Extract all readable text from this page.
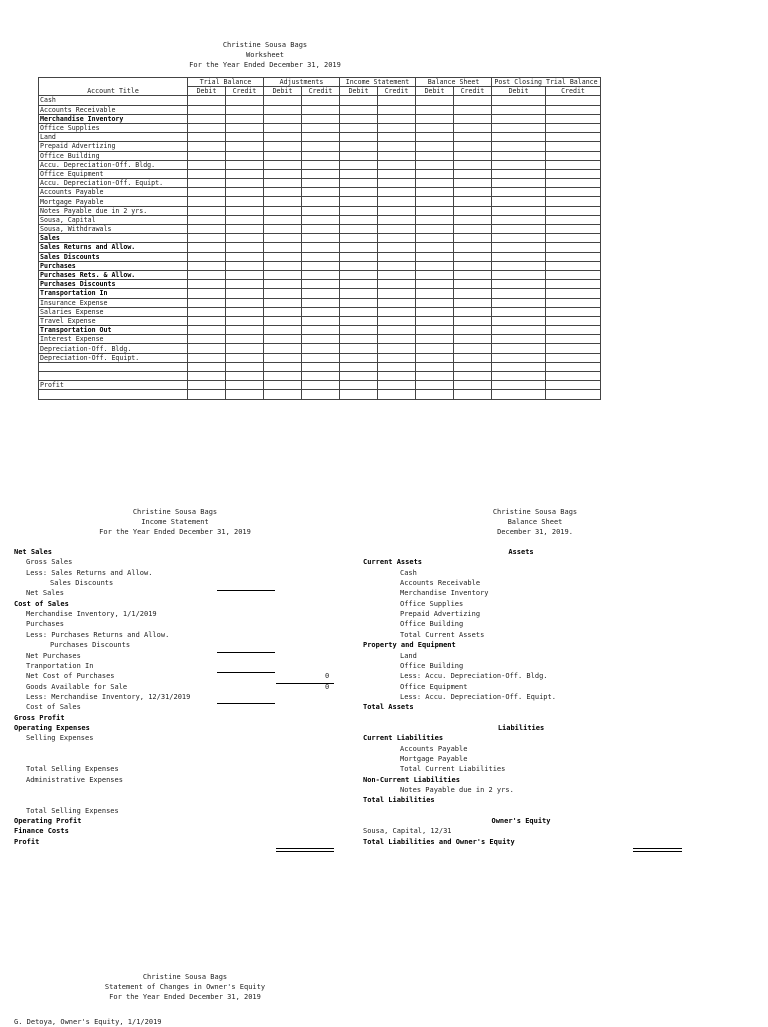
Christine Sousa Bags
Worksheet
For the Year Ended December 31, 2019
	Trial Balance		Adjustments		Income Statement		Balance Sheet		Post Closing Trial Balance	
Account Title	Debit	Credit	Debit	Credit	Debit	Credit	Debit	Credit	Debit	Credit
Cash										
Accounts Receivable										
Merchandise Inventory										
Office Supplies										
Land										
Prepaid Advertizing										
Office Building										
Accu. Depreciation-Off. Bldg.										
Office Equipment										
Accu. Depreciation-Off. Equipt.										
Accounts Payable										
Mortgage Payable										
Notes Payable due in 2 yrs.										
Sousa, Capital										
Sousa, Withdrawals										
Sales										
Sales Returns and Allow.										
Sales Discounts										
Purchases										
Purchases Rets. & Allow.										
Purchases Discounts										
Transportation In										
Insurance Expense										
Salaries Expense										
Travel Expense										
Transportation Out										
Interest Expense										
Depreciation-Off. Bldg.										
Depreciation-Off. Equipt.										

Profit										

Christine Sousa Bags
Income Statement
For the Year Ended December 31, 2019
Net Sales
Gross Sales
Less: Sales Returns and Allow.
Sales Discounts
Net Sales
Cost of Sales
Merchandise Inventory, 1/1/2019
Purchases
Less: Purchases Returns and Allow.
Purchases Discounts
Net Purchases
Tranportation In
Net Cost of Purchases	0
Goods Available for Sale	0
Less: Merchandise Inventory, 12/31/2019
Cost of Sales
Gross Profit
Operating Expenses
Selling Expenses
Total Selling Expenses
Administrative Expenses
Total Selling Expenses
Operating Profit
Finance Costs
Profit
Christine Sousa Bags
Balance Sheet
December 31, 2019.
Assets
Current Assets
Cash
Accounts Receivable
Merchandise Inventory
Office Supplies
Prepaid Advertizing
Office Building
Total Current Assets
Property and Equipment
Land
Office Building
Less: Accu. Depreciation-Off. Bldg.
Office Equipment
Less: Accu. Depreciation-Off. Equipt.
Total Assets
Liabilities
Current Liabilities
Accounts Payable
Mortgage Payable
Total Current Liabilities
Non-Current Liabilities
Notes Payable due in 2 yrs.
Total Liabilities
Owner's Equity
Sousa, Capital, 12/31
Total Liabilities and Owner's Equity
Christine Sousa Bags
Statement of Changes in Owner's Equity
For the Year Ended December 31, 2019
G. Detoya, Owner's Equity, 1/1/2019
